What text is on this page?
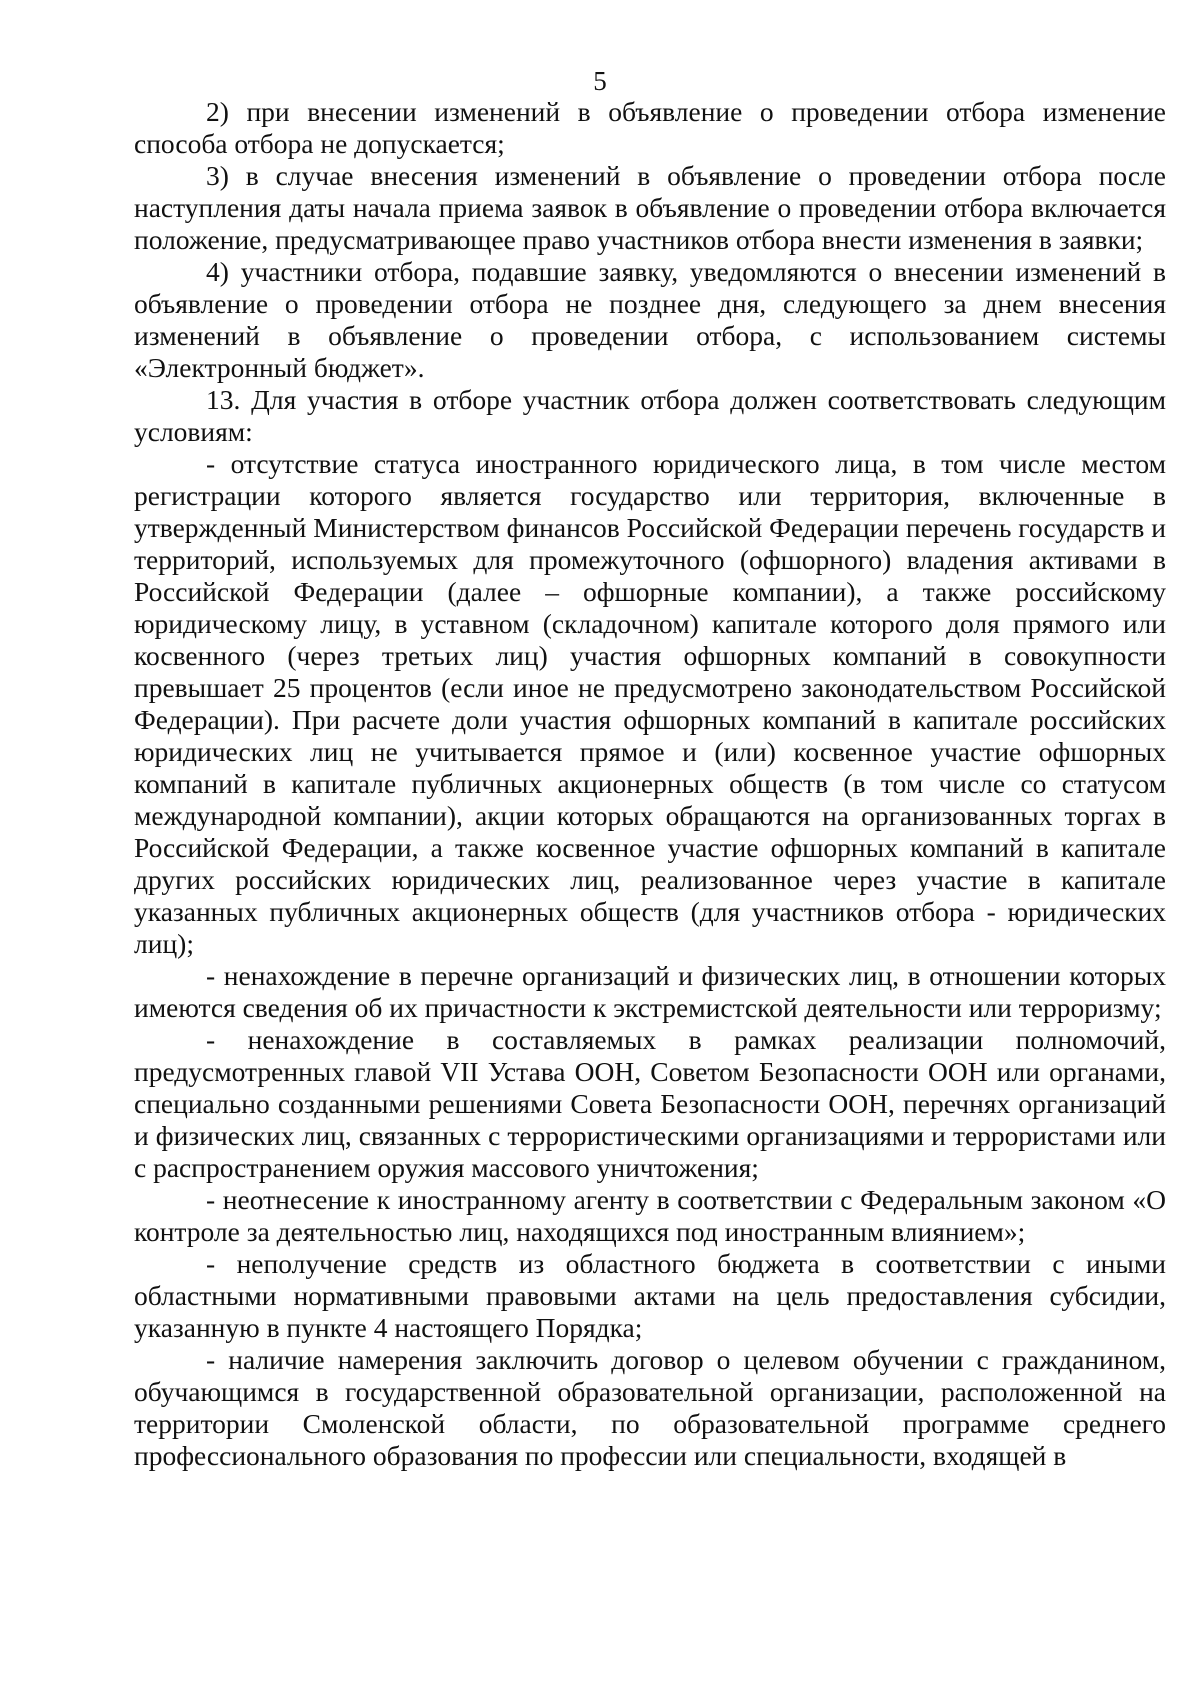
5

2) при внесении изменений в объявление о проведении отбора изменение способа отбора не допускается;

3) в случае внесения изменений в объявление о проведении отбора после наступления даты начала приема заявок в объявление о проведении отбора включается положение, предусматривающее право участников отбора внести изменения в заявки;

4) участники отбора, подавшие заявку, уведомляются о внесении изменений в объявление о проведении отбора не позднее дня, следующего за днем внесения изменений в объявление о проведении отбора, с использованием системы «Электронный бюджет».

13. Для участия в отборе участник отбора должен соответствовать следующим условиям:

- отсутствие статуса иностранного юридического лица, в том числе местом регистрации которого является государство или территория, включенные в утвержденный Министерством финансов Российской Федерации перечень государств и территорий, используемых для промежуточного (офшорного) владения активами в Российской Федерации (далее – офшорные компании), а также российскому юридическому лицу, в уставном (складочном) капитале которого доля прямого или косвенного (через третьих лиц) участия офшорных компаний в совокупности превышает 25 процентов (если иное не предусмотрено законодательством Российской Федерации). При расчете доли участия офшорных компаний в капитале российских юридических лиц не учитывается прямое и (или) косвенное участие офшорных компаний в капитале публичных акционерных обществ (в том числе со статусом международной компании), акции которых обращаются на организованных торгах в Российской Федерации, а также косвенное участие офшорных компаний в капитале других российских юридических лиц, реализованное через участие в капитале указанных публичных акционерных обществ (для участников отбора - юридических лиц);

- ненахождение в перечне организаций и физических лиц, в отношении которых имеются сведения об их причастности к экстремистской деятельности или терроризму;

- ненахождение в составляемых в рамках реализации полномочий, предусмотренных главой VII Устава ООН, Советом Безопасности ООН или органами, специально созданными решениями Совета Безопасности ООН, перечнях организаций и физических лиц, связанных с террористическими организациями и террористами или с распространением оружия массового уничтожения;

- неотнесение к иностранному агенту в соответствии с Федеральным законом «О контроле за деятельностью лиц, находящихся под иностранным влиянием»;

- неполучение средств из областного бюджета в соответствии с иными областными нормативными правовыми актами на цель предоставления субсидии, указанную в пункте 4 настоящего Порядка;

- наличие намерения заключить договор о целевом обучении с гражданином, обучающимся в государственной образовательной организации, расположенной на территории Смоленской области, по образовательной программе среднего профессионального образования по профессии или специальности, входящей в
